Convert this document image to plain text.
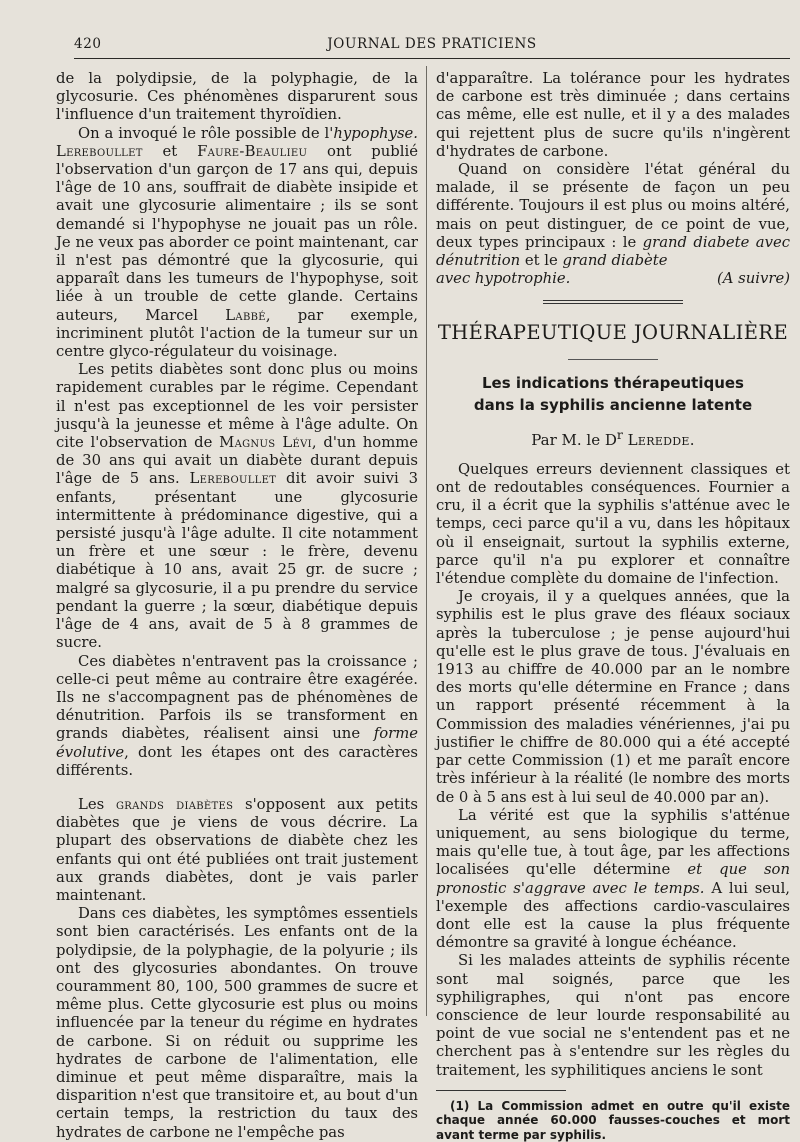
420	JOURNAL DES PRATICIENS

de la polydipsie, de la polyphagie, de la glycosurie. Ces phénomènes disparurent sous l'influence d'un traitement thyroïdien.

On a invoqué le rôle possible de l'hypophyse. Lereboullet et Faure-Beaulieu ont publié l'observation d'un garçon de 17 ans qui, depuis l'âge de 10 ans, souffrait de diabète insipide et avait une glycosurie alimentaire ; ils se sont demandé si l'hypophyse ne jouait pas un rôle. Je ne veux pas aborder ce point maintenant, car il n'est pas démontré que la glycosurie, qui apparaît dans les tumeurs de l'hypophyse, soit liée à un trouble de cette glande. Certains auteurs, Marcel Labbé, par exemple, incriminent plutôt l'action de la tumeur sur un centre glyco-régulateur du voisinage.

Les petits diabètes sont donc plus ou moins rapidement curables par le régime. Cependant il n'est pas exceptionnel de les voir persister jusqu'à la jeunesse et même à l'âge adulte. On cite l'observation de Magnus Lévi, d'un homme de 30 ans qui avait un diabète durant depuis l'âge de 5 ans. Lereboullet dit avoir suivi 3 enfants, présentant une glycosurie intermittente à prédominance digestive, qui a persisté jusqu'à l'âge adulte. Il cite notamment un frère et une sœur : le frère, devenu diabétique à 10 ans, avait 25 gr. de sucre ; malgré sa glycosurie, il a pu prendre du service pendant la guerre ; la sœur, diabétique depuis l'âge de 4 ans, avait de 5 à 8 grammes de sucre.

Ces diabètes n'entravent pas la croissance ; celle-ci peut même au contraire être exagérée. Ils ne s'accompagnent pas de phénomènes de dénutrition. Parfois ils se transforment en grands diabètes, réalisent ainsi une forme évolutive, dont les étapes ont des caractères différents.

Les grands diabètes s'opposent aux petits diabètes que je viens de vous décrire. La plupart des observations de diabète chez les enfants qui ont été publiées ont trait justement aux grands diabètes, dont je vais parler maintenant.

Dans ces diabètes, les symptômes essentiels sont bien caractérisés. Les enfants ont de la polydipsie, de la polyphagie, de la polyurie ; ils ont des glycosuries abondantes. On trouve couramment 80, 100, 500 grammes de sucre et même plus. Cette glycosurie est plus ou moins influencée par la teneur du régime en hydrates de carbone. Si on réduit ou supprime les hydrates de carbone de l'alimentation, elle diminue et peut même disparaître, mais la disparition n'est que transitoire et, au bout d'un certain temps, la restriction du taux des hydrates de carbone ne l'empêche pas

d'apparaître. La tolérance pour les hydrates de carbone est très diminuée ; dans certains cas même, elle est nulle, et il y a des malades qui rejettent plus de sucre qu'ils n'ingèrent d'hydrates de carbone.

Quand on considère l'état général du malade, il se présente de façon un peu différente. Toujours il est plus ou moins altéré, mais on peut distinguer, de ce point de vue, deux types principaux : le grand diabete avec dénutrition et le grand diabète

avec hypotrophie.	(A suivre)
THÉRAPEUTIQUE JOURNALIÈRE
Les indications thérapeutiques
dans la syphilis ancienne latente
Par M. le $D^r$ Leredde.

Quelques erreurs deviennent classiques et ont de redoutables conséquences. Fournier a cru, il a écrit que la syphilis s'atténue avec le temps, ceci parce qu'il a vu, dans les hôpitaux où il enseignait, surtout la syphilis externe, parce qu'il n'a pu explorer et connaître l'étendue complète du domaine de l'infection.

Je croyais, il y a quelques années, que la syphilis est le plus grave des fléaux sociaux après la tuberculose ; je pense aujourd'hui qu'elle est le plus grave de tous. J'évaluais en 1913 au chiffre de 40.000 par an le nombre des morts qu'elle détermine en France ; dans un rapport présenté récemment à la Commission des maladies vénériennes, j'ai pu justifier le chiffre de 80.000 qui a été accepté par cette Commission (1) et me paraît encore très inférieur à la réalité (le nombre des morts de 0 à 5 ans est à lui seul de 40.000 par an).

La vérité est que la syphilis s'atténue uniquement, au sens biologique du terme, mais qu'elle tue, à tout âge, par les affections localisées qu'elle détermine et que son pronostic s'aggrave avec le temps. A lui seul, l'exemple des affections cardio-vasculaires dont elle est la cause la plus fréquente démontre sa gravité à longue échéance.

Si les malades atteints de syphilis récente sont mal soignés, parce que les syphiligraphes, qui n'ont pas encore conscience de leur lourde responsabilité au point de vue social ne s'entendent pas et ne cherchent pas à s'entendre sur les règles du traitement, les syphilitiques anciens le sont

(1) La Commission admet en outre qu'il existe chaque année 60.000 fausses-couches et mort avant terme par syphilis.
